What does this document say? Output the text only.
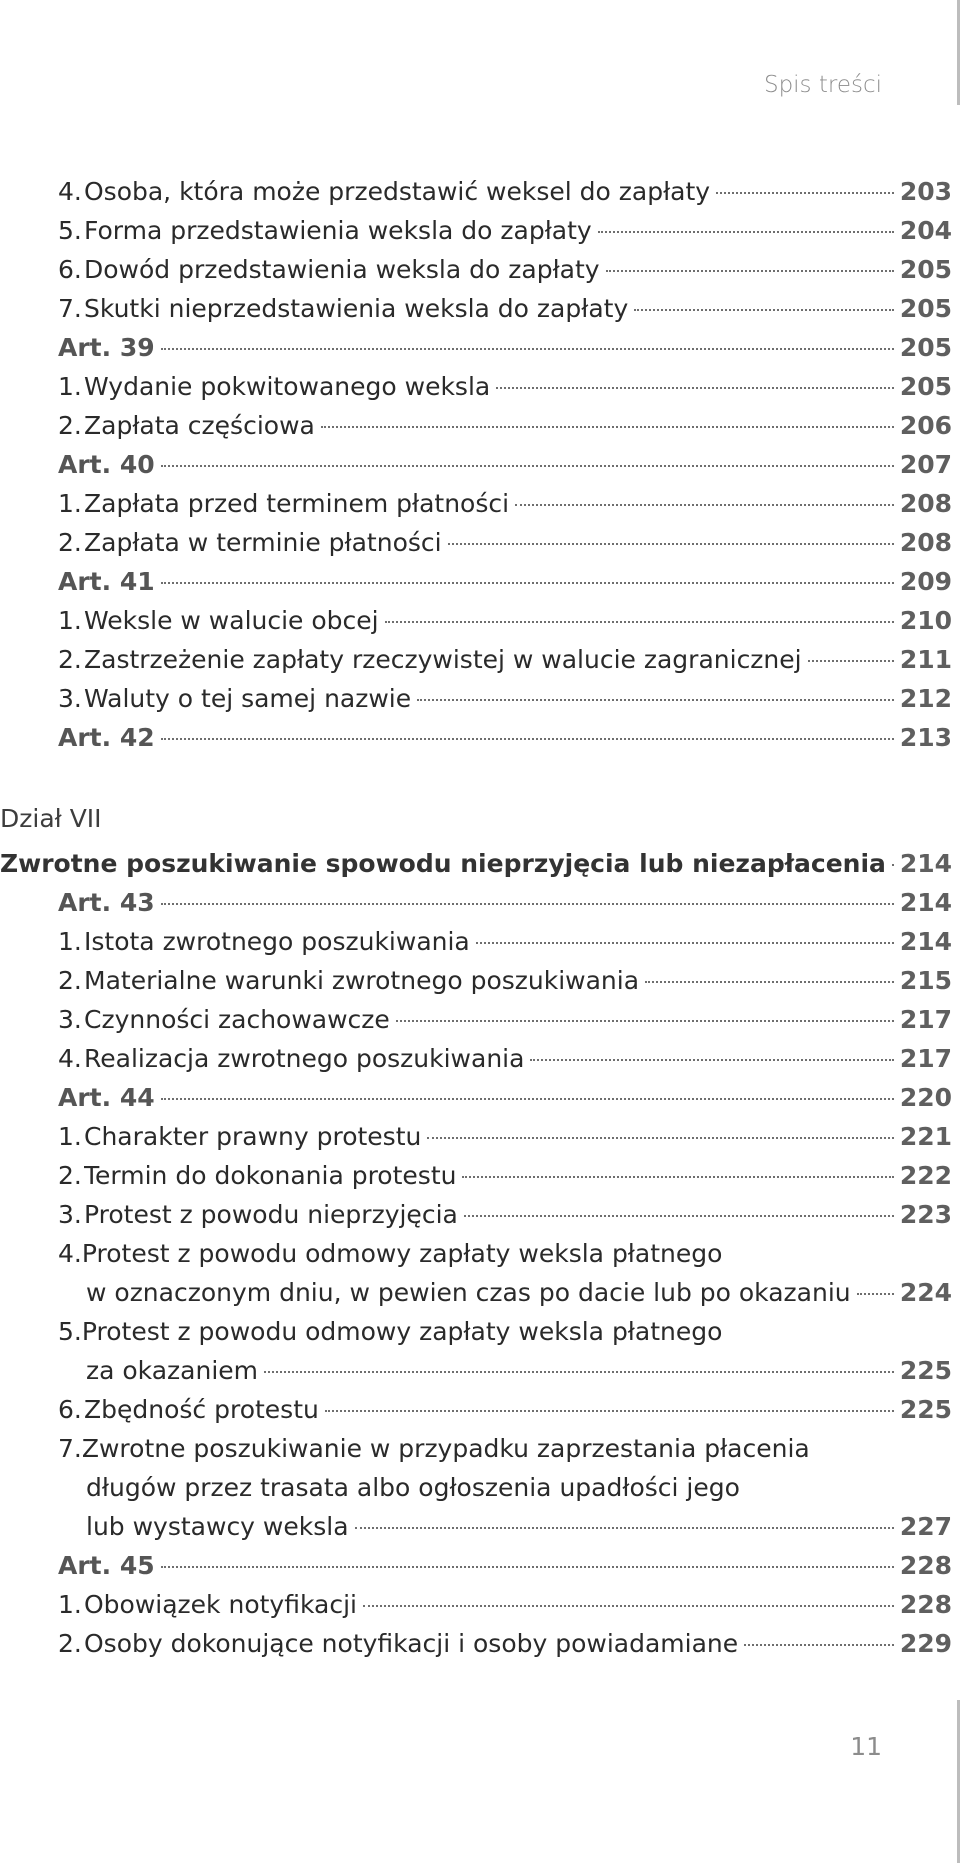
Spis treści
4. Osoba, która może przedstawić weksel do zapłaty	203
5. Forma przedstawienia weksla do zapłaty	204
6. Dowód przedstawienia weksla do zapłaty	205
7. Skutki nieprzedstawienia weksla do zapłaty	205
Art. 39	205
1. Wydanie pokwitowanego weksla	205
2. Zapłata częściowa	206
Art. 40	207
1. Zapłata przed terminem płatności	208
2. Zapłata w terminie płatności	208
Art. 41	209
1. Weksle w walucie obcej	210
2. Zastrzeżenie zapłaty rzeczywistej w walucie zagranicznej	211
3. Waluty o tej samej nazwie	212
Art. 42	213
Dział VII
Zwrotne poszukiwanie spowodu nieprzyjęcia lub niezapłacenia 214
Art. 43	214
1. Istota zwrotnego poszukiwania	214
2. Materialne warunki zwrotnego poszukiwania	215
3. Czynności zachowawcze	217
4. Realizacja zwrotnego poszukiwania	217
Art. 44	220
1. Charakter prawny protestu	221
2. Termin do dokonania protestu	222
3. Protest z powodu nieprzyjęcia	223
4.Protest z powodu odmowy zapłaty weksla płatnego
w oznaczonym dniu, w pewien czas po dacie lub po okazaniu 224
5.Protest z powodu odmowy zapłaty weksla płatnego
za okazaniem	225
6. Zbędność protestu	225
7.Zwrotne poszukiwanie w przypadku zaprzestania płacenia
długów przez trasata albo ogłoszenia upadłości jego
lub wystawcy weksla	227
Art. 45	228
1. Obowiązek notyfikacji	228
2. Osoby dokonujące notyfikacji i osoby powiadamiane	229
11
